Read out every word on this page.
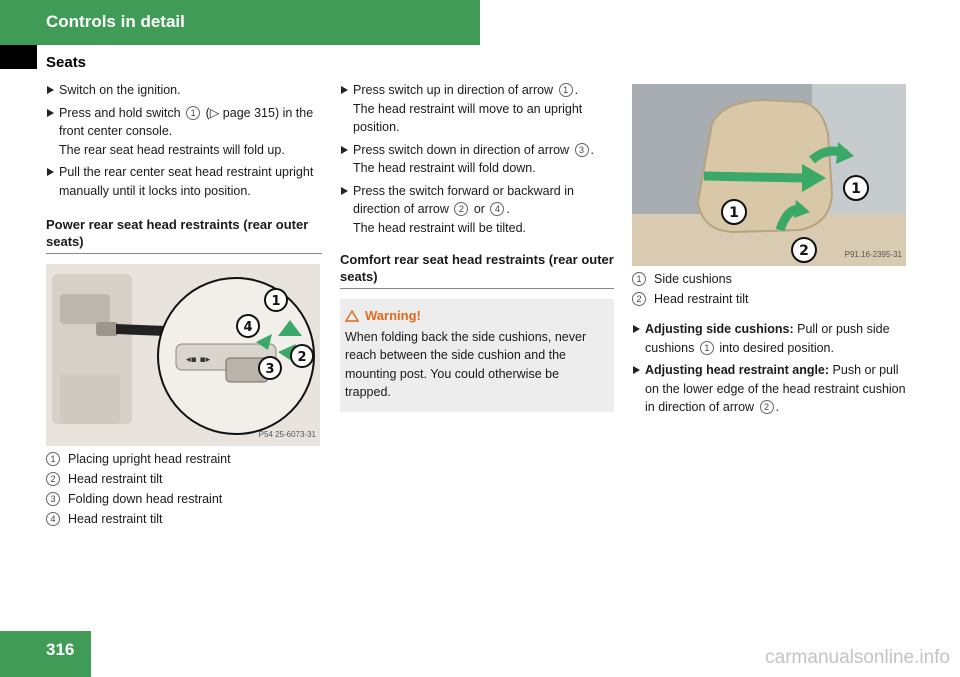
Controls in detail
Seats
Switch on the ignition.
Press and hold switch 1 (▷ page 315) in the front center console.
The rear seat head restraints will fold up.
Pull the rear center seat head restraint upright manually until it locks into position.
Power rear seat head restraints (rear outer seats)
◂▪ ▪▸
1
2
3
4
P54 25-6073-31
1	Placing upright head restraint
2	Head restraint tilt
3	Folding down head restraint
4	Head restraint tilt
Press switch up in direction of arrow 1 .
The head restraint will move to an upright position.
Press switch down in direction of arrow 3 .
The head restraint will fold down.
Press the switch forward or backward in direction of arrow 2 or 4 .
The head restraint will be tilted.
Comfort rear seat head restraints (rear outer seats)
Warning!
When folding back the side cushions, never reach between the side cushion and the mounting post. You could otherwise be trapped.
1
1
2	P91.16-2395-31
1	Side cushions
2	Head restraint tilt
Adjusting side cushions: Pull or push side cushions 1 into desired position.
Adjusting head restraint angle: Push or pull on the lower edge of the head restraint cushion in direction of arrow 2 .
316	carmanualsonline.info
